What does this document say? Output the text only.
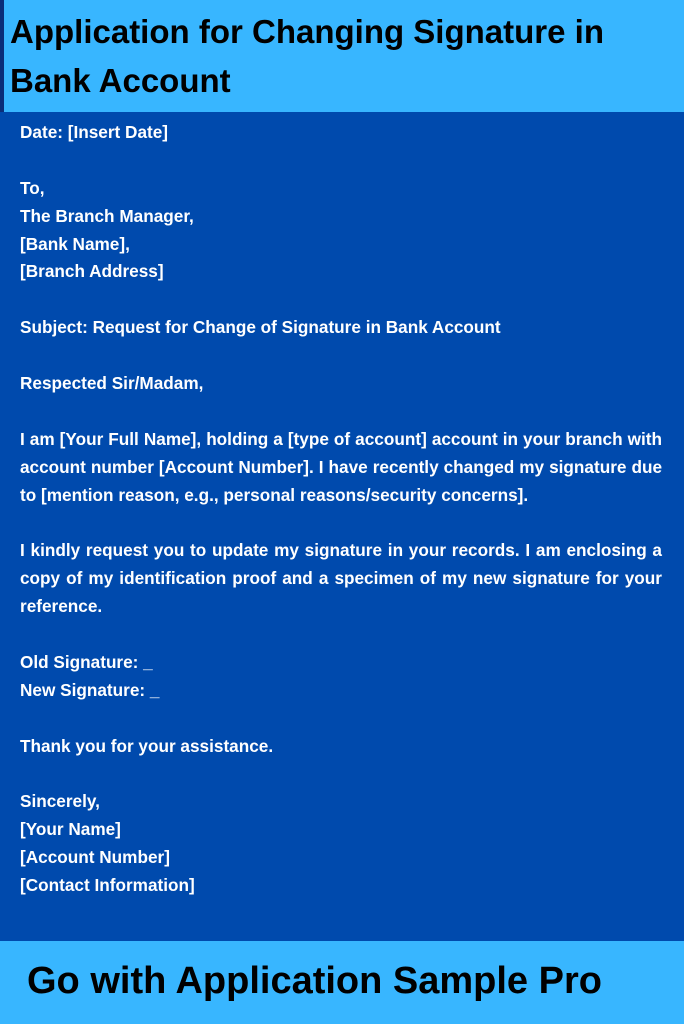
Application for Changing Signature in Bank Account
Date: [Insert Date]
To,
The Branch Manager,
[Bank Name],
[Branch Address]
Subject: Request for Change of Signature in Bank Account
Respected Sir/Madam,

I am [Your Full Name], holding a [type of account] account in your branch with account number [Account Number]. I have recently changed my signature due to [mention reason, e.g., personal reasons/security concerns].

I kindly request you to update my signature in your records. I am enclosing a copy of my identification proof and a specimen of my new signature for your reference.

Old Signature: _
New Signature: _
Thank you for your assistance.
Sincerely,
[Your Name]
[Account Number]
[Contact Information]
Go with Application Sample Pro
